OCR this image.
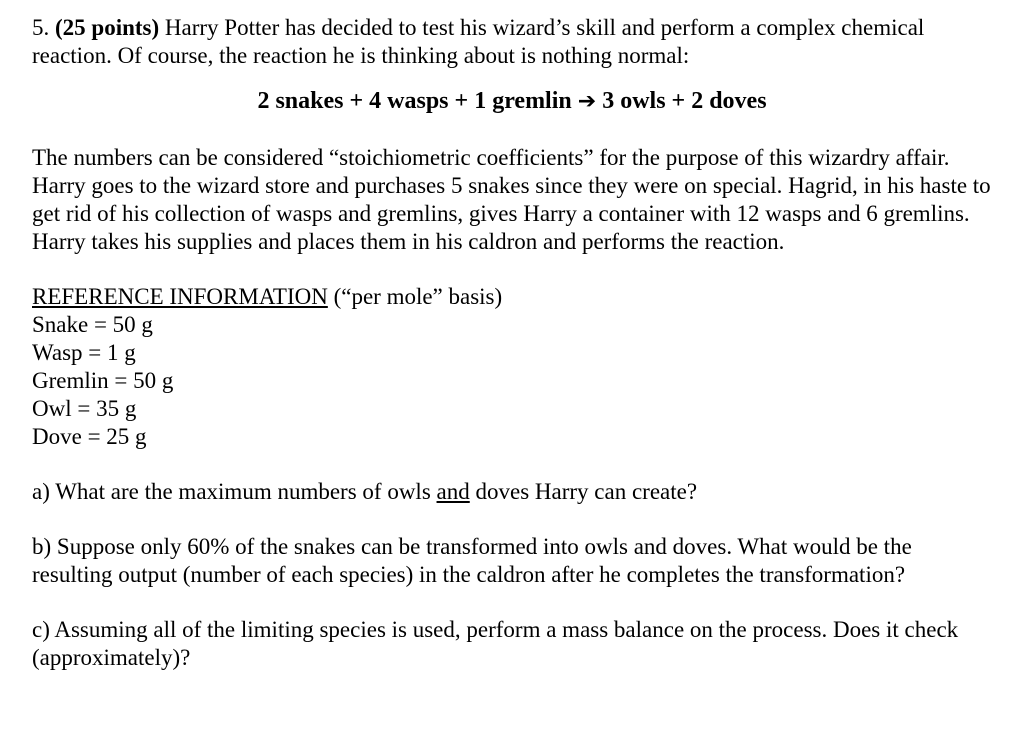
5. (25 points) Harry Potter has decided to test his wizard’s skill and perform a complex chemical reaction. Of course, the reaction he is thinking about is nothing normal:

2 snakes + 4 wasps + 1 gremlin ➔ 3 owls + 2 doves

The numbers can be considered “stoichiometric coefficients” for the purpose of this wizardry affair. Harry goes to the wizard store and purchases 5 snakes since they were on special. Hagrid, in his haste to get rid of his collection of wasps and gremlins, gives Harry a container with 12 wasps and 6 gremlins. Harry takes his supplies and places them in his caldron and performs the reaction.

REFERENCE INFORMATION (“per mole” basis)
Snake = 50 g
Wasp = 1 g
Gremlin = 50 g
Owl = 35 g
Dove = 25 g

a) What are the maximum numbers of owls and doves Harry can create?

b) Suppose only 60% of the snakes can be transformed into owls and doves. What would be the resulting output (number of each species) in the caldron after he completes the transformation?

c) Assuming all of the limiting species is used, perform a mass balance on the process. Does it check (approximately)?
